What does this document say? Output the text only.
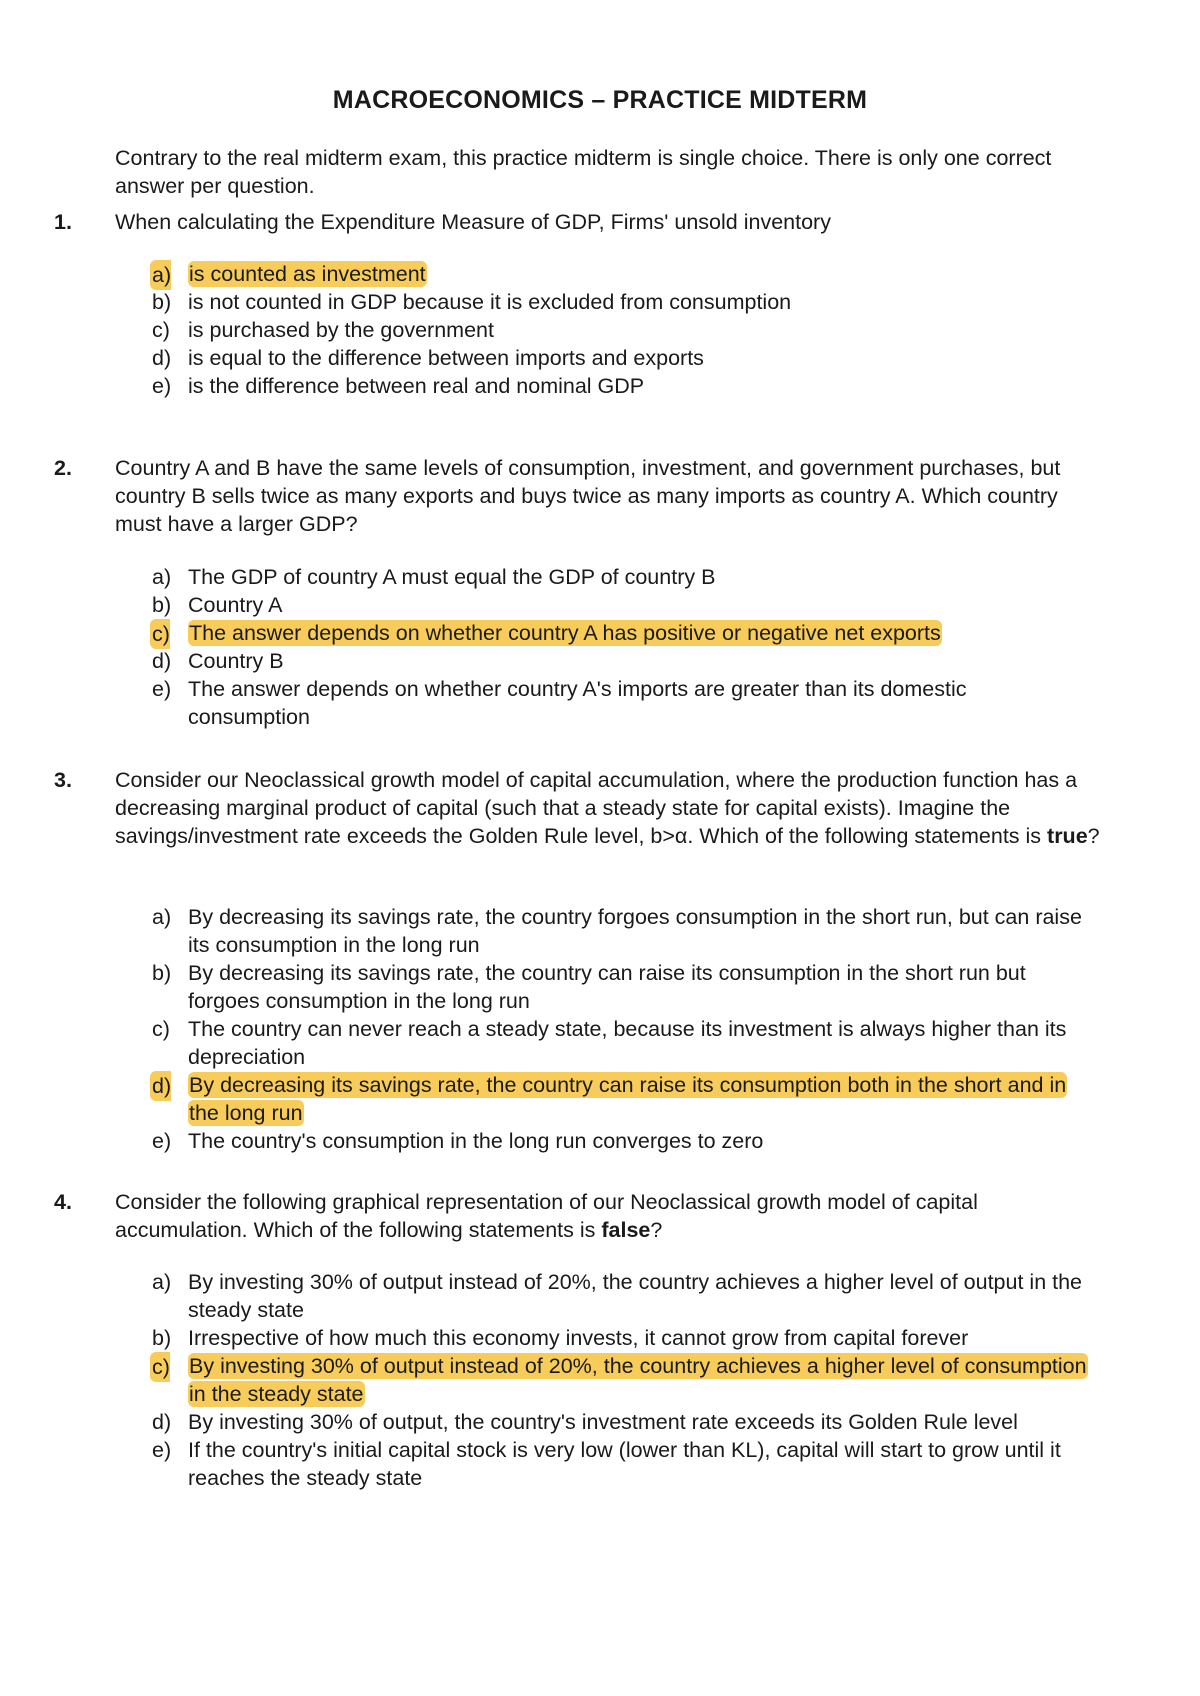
MACROECONOMICS – PRACTICE MIDTERM
Contrary to the real midterm exam, this practice midterm is single choice. There is only one correct answer per question.
1. When calculating the Expenditure Measure of GDP, Firms' unsold inventory
a) is counted as investment
b) is not counted in GDP because it is excluded from consumption
c) is purchased by the government
d) is equal to the difference between imports and exports
e) is the difference between real and nominal GDP
2. Country A and B have the same levels of consumption, investment, and government purchases, but country B sells twice as many exports and buys twice as many imports as country A. Which country must have a larger GDP?
a) The GDP of country A must equal the GDP of country B
b) Country A
c) The answer depends on whether country A has positive or negative net exports
d) Country B
e) The answer depends on whether country A's imports are greater than its domestic consumption
3. Consider our Neoclassical growth model of capital accumulation, where the production function has a decreasing marginal product of capital (such that a steady state for capital exists). Imagine the savings/investment rate exceeds the Golden Rule level, b>α. Which of the following statements is true?
a) By decreasing its savings rate, the country forgoes consumption in the short run, but can raise its consumption in the long run
b) By decreasing its savings rate, the country can raise its consumption in the short run but forgoes consumption in the long run
c) The country can never reach a steady state, because its investment is always higher than its depreciation
d) By decreasing its savings rate, the country can raise its consumption both in the short and in the long run
e) The country's consumption in the long run converges to zero
4. Consider the following graphical representation of our Neoclassical growth model of capital accumulation. Which of the following statements is false?
a) By investing 30% of output instead of 20%, the country achieves a higher level of output in the steady state
b) Irrespective of how much this economy invests, it cannot grow from capital forever
c) By investing 30% of output instead of 20%, the country achieves a higher level of consumption in the steady state
d) By investing 30% of output, the country's investment rate exceeds its Golden Rule level
e) If the country's initial capital stock is very low (lower than KL), capital will start to grow until it reaches the steady state
